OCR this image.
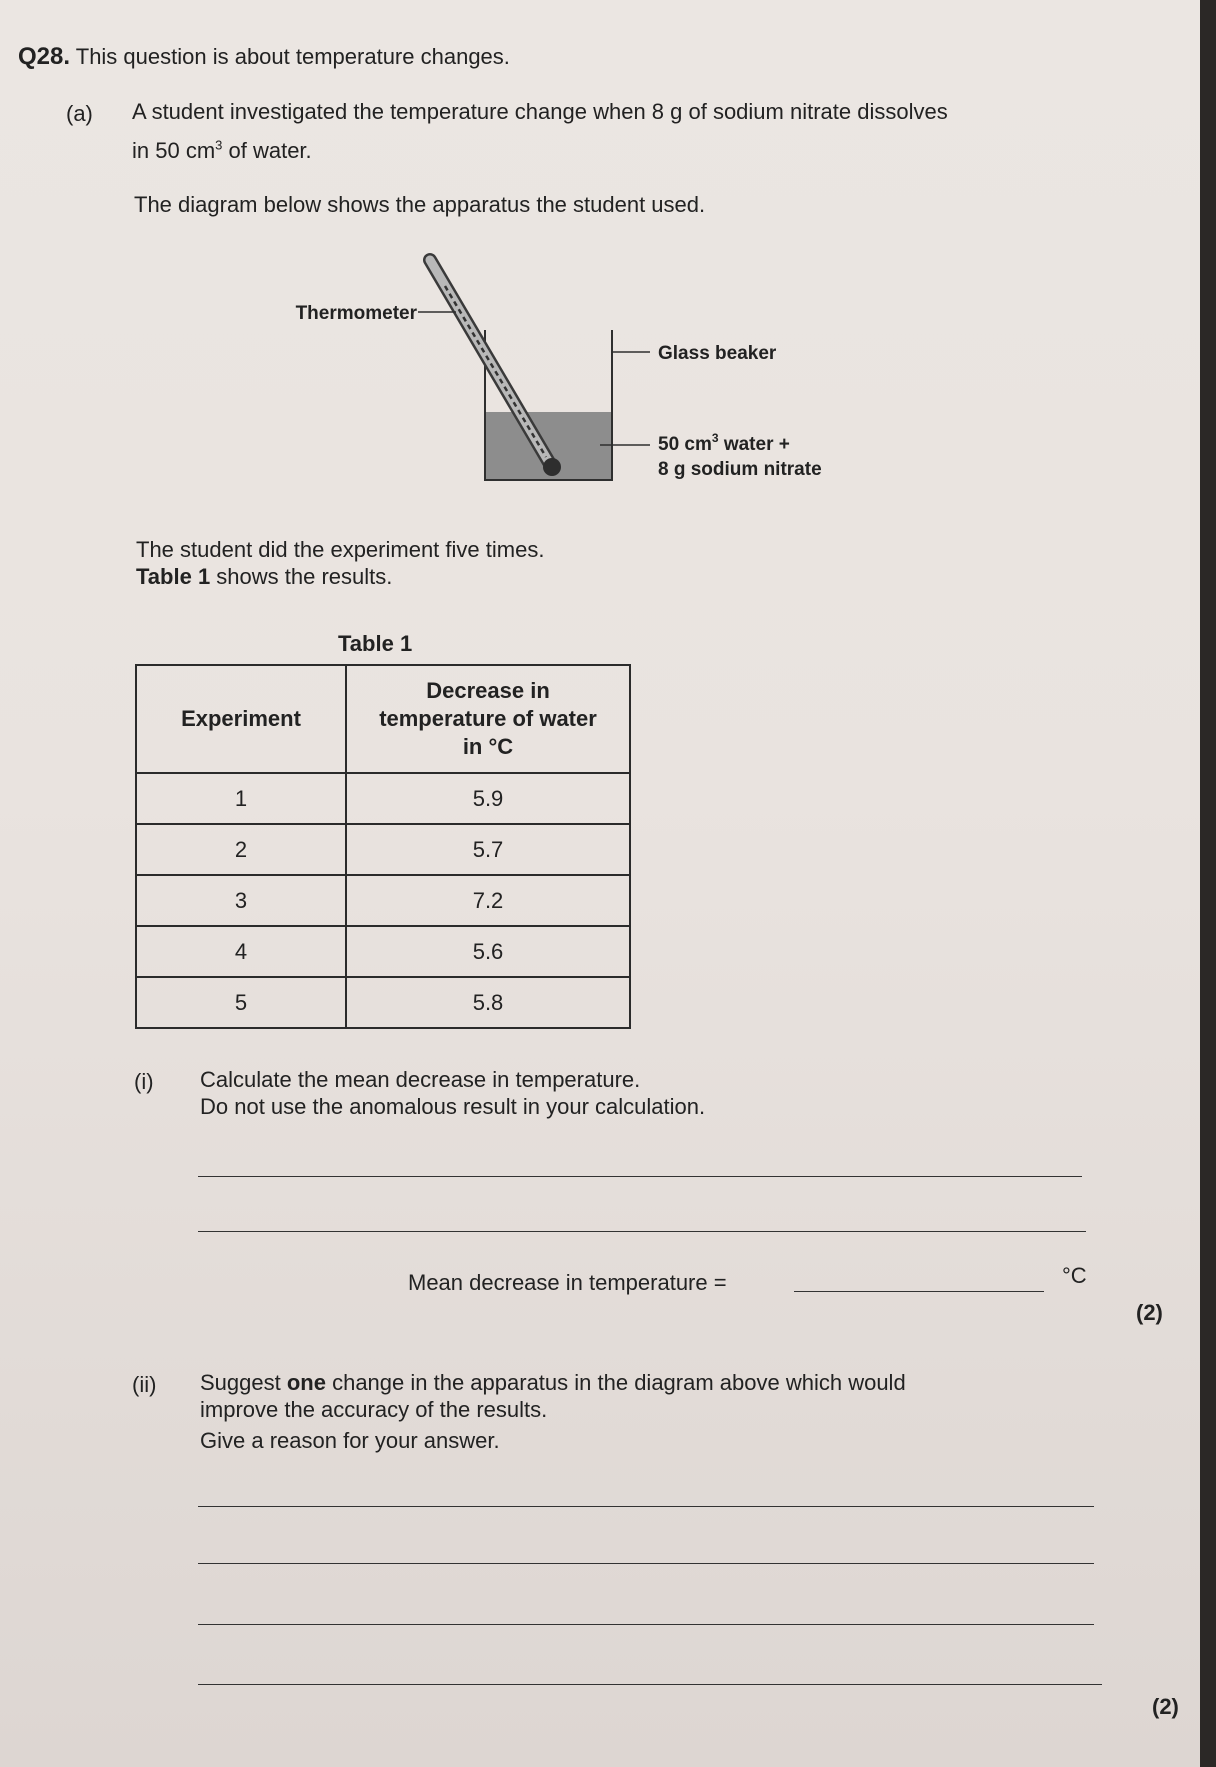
Q28. This question is about temperature changes.
(a) A student investigated the temperature change when 8 g of sodium nitrate dissolves
in 50 $cm^3$ of water.
The diagram below shows the apparatus the student used.
Thermometer
Glass beaker
50 $cm^3$ water +
8 g sodium nitrate
The student did the experiment five times.
Table 1 shows the results.
Table 1
Experiment	Decrease in
temperature of water
in °C

1	5.9
2	5.7
3	7.2
4	5.6
5	5.8
(i) Calculate the mean decrease in temperature.
Do not use the anomalous result in your calculation.
Mean decrease in temperature =	°C
(2)
(ii) Suggest one change in the apparatus in the diagram above which would
improve the accuracy of the results.
Give a reason for your answer.
(2)
